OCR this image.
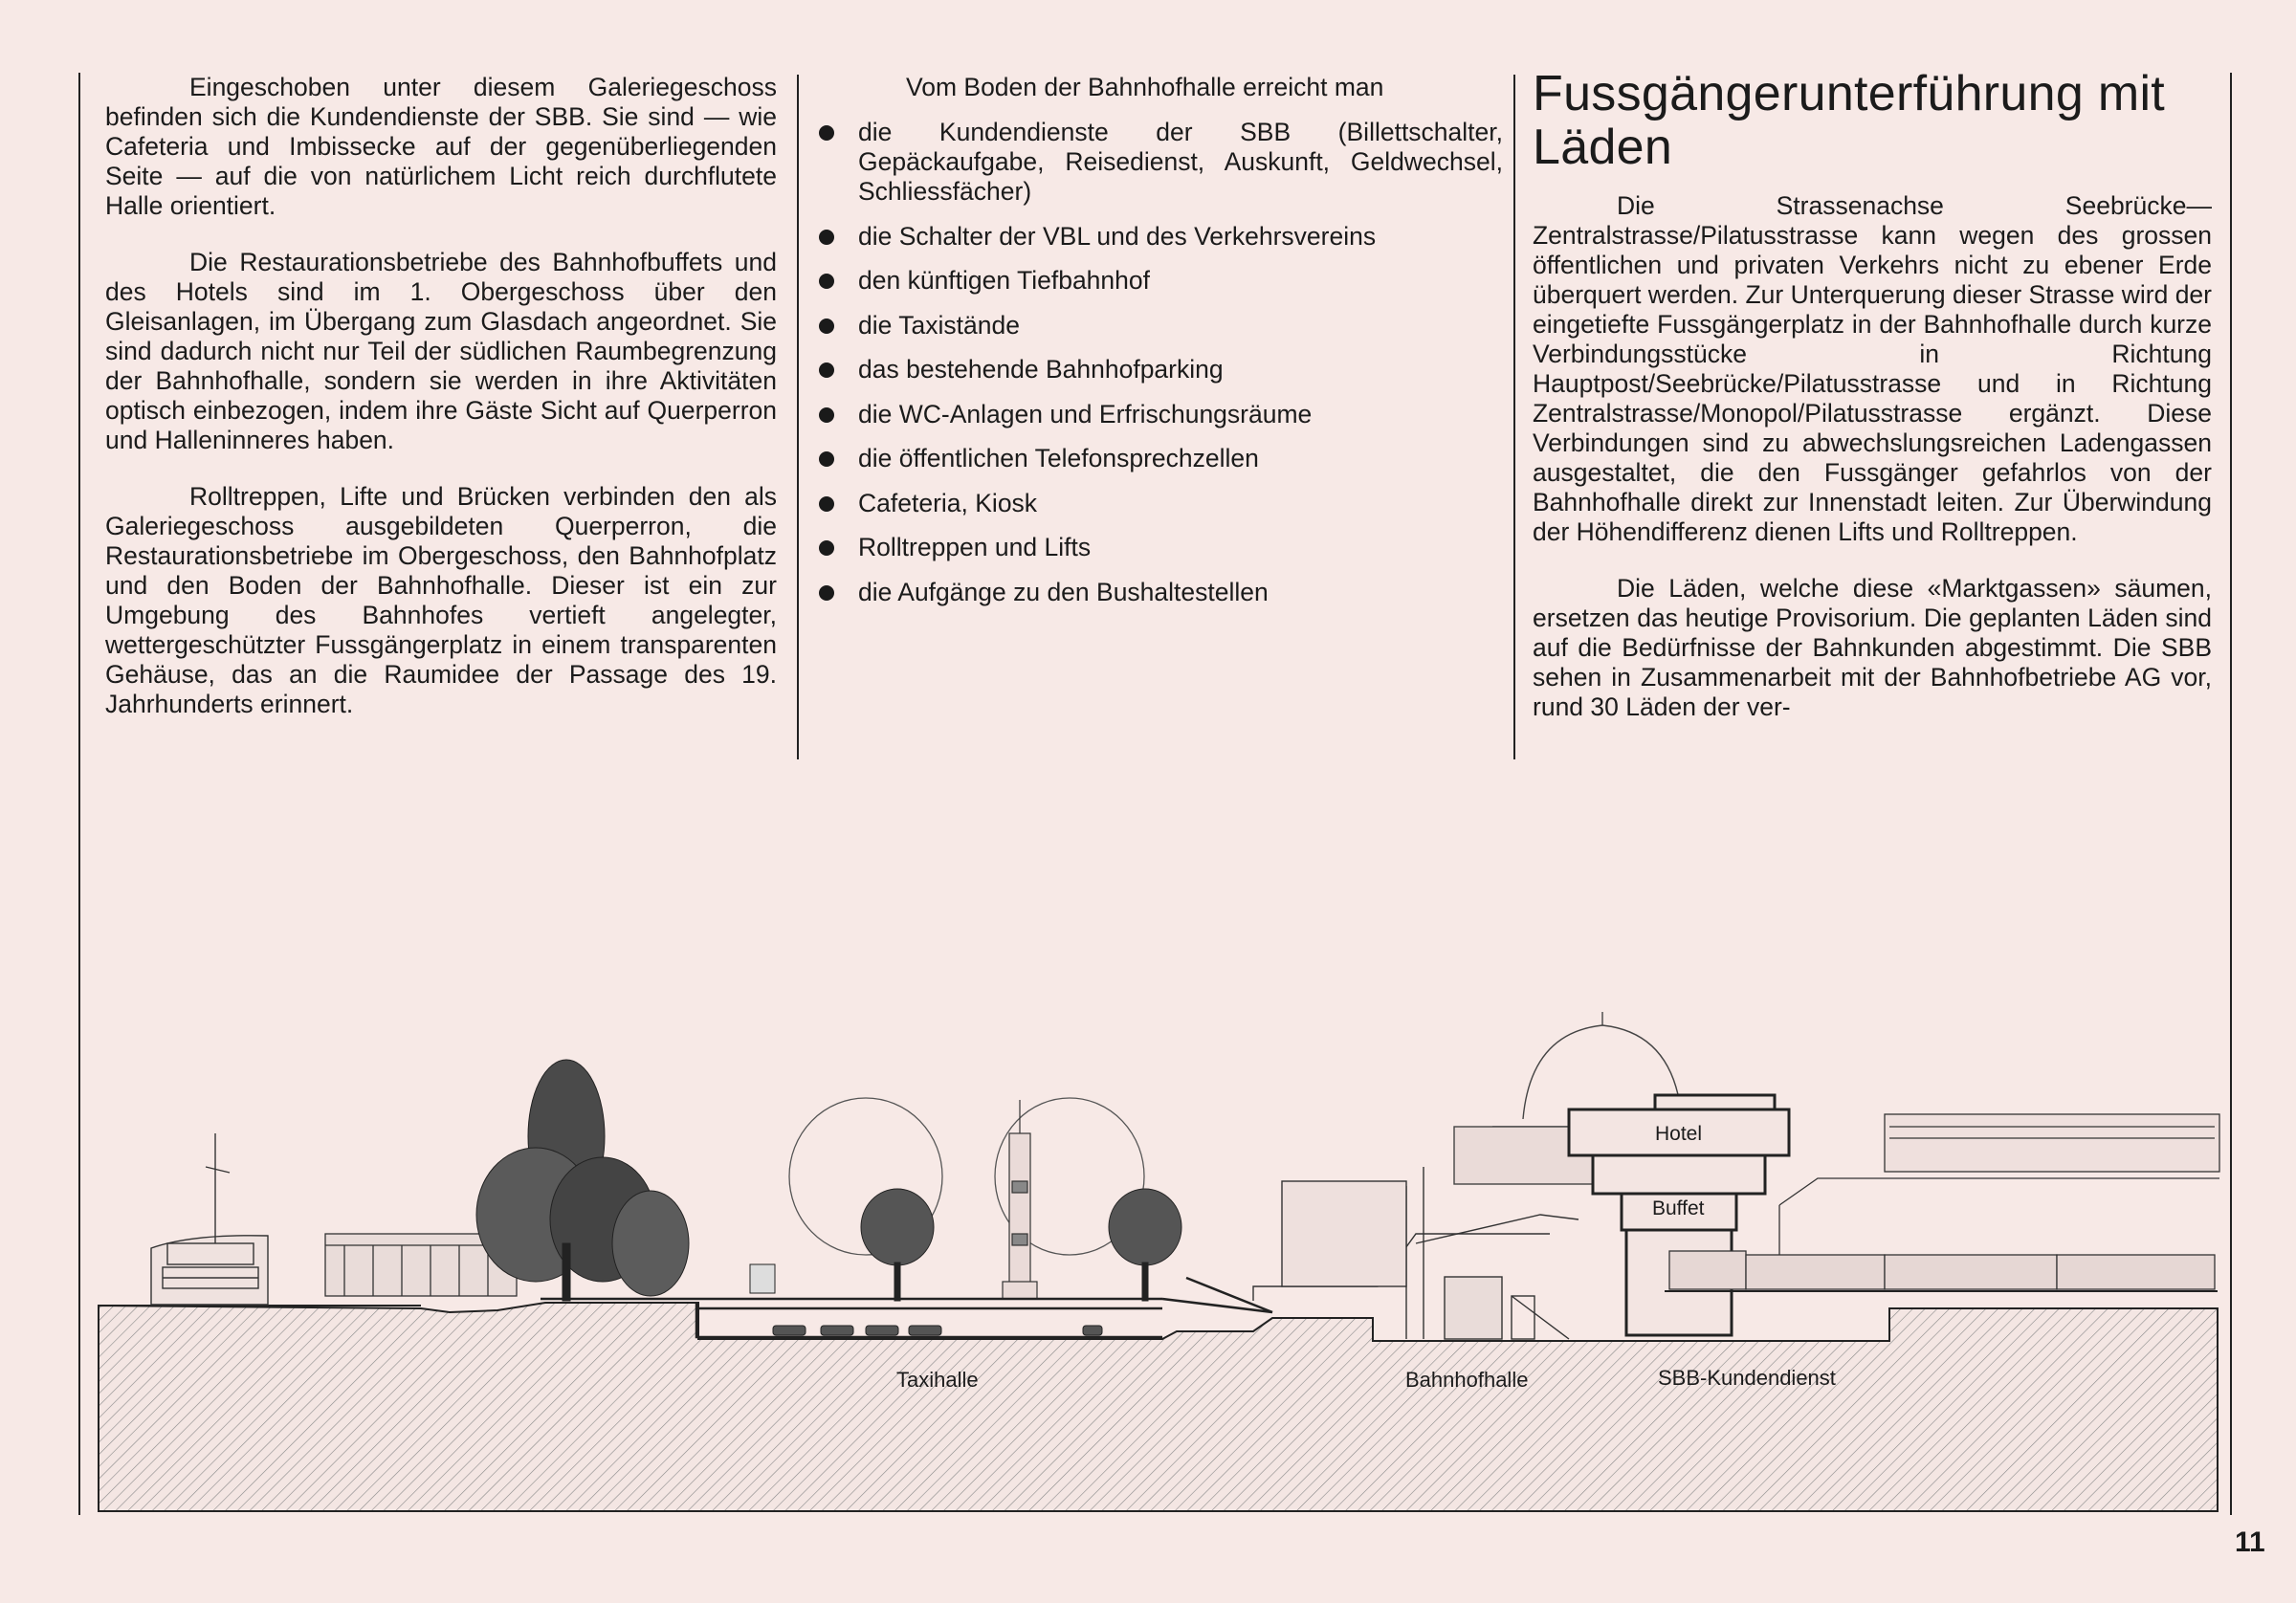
Eingeschoben unter diesem Galeriegeschoss befinden sich die Kundendienste der SBB. Sie sind — wie Cafeteria und Imbissecke auf der gegenüberliegenden Seite — auf die von natürlichem Licht reich durchflutete Halle orientiert.

Die Restaurationsbetriebe des Bahnhofbuffets und des Hotels sind im 1. Obergeschoss über den Gleisanlagen, im Übergang zum Glasdach angeordnet. Sie sind dadurch nicht nur Teil der südlichen Raumbegrenzung der Bahnhofhalle, sondern sie werden in ihre Aktivitäten optisch einbezogen, indem ihre Gäste Sicht auf Querperron und Halleninneres haben.

Rolltreppen, Lifte und Brücken verbinden den als Galeriegeschoss ausgebildeten Querperron, die Restaurationsbetriebe im Obergeschoss, den Bahnhofplatz und den Boden der Bahnhofhalle. Dieser ist ein zur Umgebung des Bahnhofes vertieft angelegter, wettergeschützter Fussgängerplatz in einem transparenten Gehäuse, das an die Raumidee der Passage des 19. Jahrhunderts erinnert.

Vom Boden der Bahnhofhalle erreicht man

die Kundendienste der SBB (Billettschalter, Gepäckaufgabe, Reisedienst, Auskunft, Geldwechsel, Schliessfächer)
die Schalter der VBL und des Verkehrsvereins
den künftigen Tiefbahnhof
die Taxistände
das bestehende Bahnhofparking
die WC-Anlagen und Erfrischungsräume
die öffentlichen Telefonsprechzellen
Cafeteria, Kiosk
Rolltreppen und Lifts
die Aufgänge zu den Bushaltestellen
Fussgängerunterführung mit Läden

Die Strassenachse Seebrücke—Zentralstrasse/Pilatusstrasse kann wegen des grossen öffentlichen und privaten Verkehrs nicht zu ebener Erde überquert werden. Zur Unterquerung dieser Strasse wird der eingetiefte Fussgängerplatz in der Bahnhofhalle durch kurze Verbindungsstücke in Richtung Hauptpost/Seebrücke/Pilatusstrasse und in Richtung Zentralstrasse/Monopol/Pilatusstrasse ergänzt. Diese Verbindungen sind zu abwechslungsreichen Ladengassen ausgestaltet, die den Fussgänger gefahrlos von der Bahnhofhalle direkt zur Innenstadt leiten. Zur Überwindung der Höhendifferenz dienen Lifts und Rolltreppen.

Die Läden, welche diese «Marktgassen» säumen, ersetzen das heutige Provisorium. Die geplanten Läden sind auf die Bedürfnisse der Bahnkunden abgestimmt. Die SBB sehen in Zusammenarbeit mit der Bahnhofbetriebe AG vor, rund 30 Läden der ver-

Hotel
Buffet
Taxihalle	Bahnhofhalle	SBB-Kundendienst
11
